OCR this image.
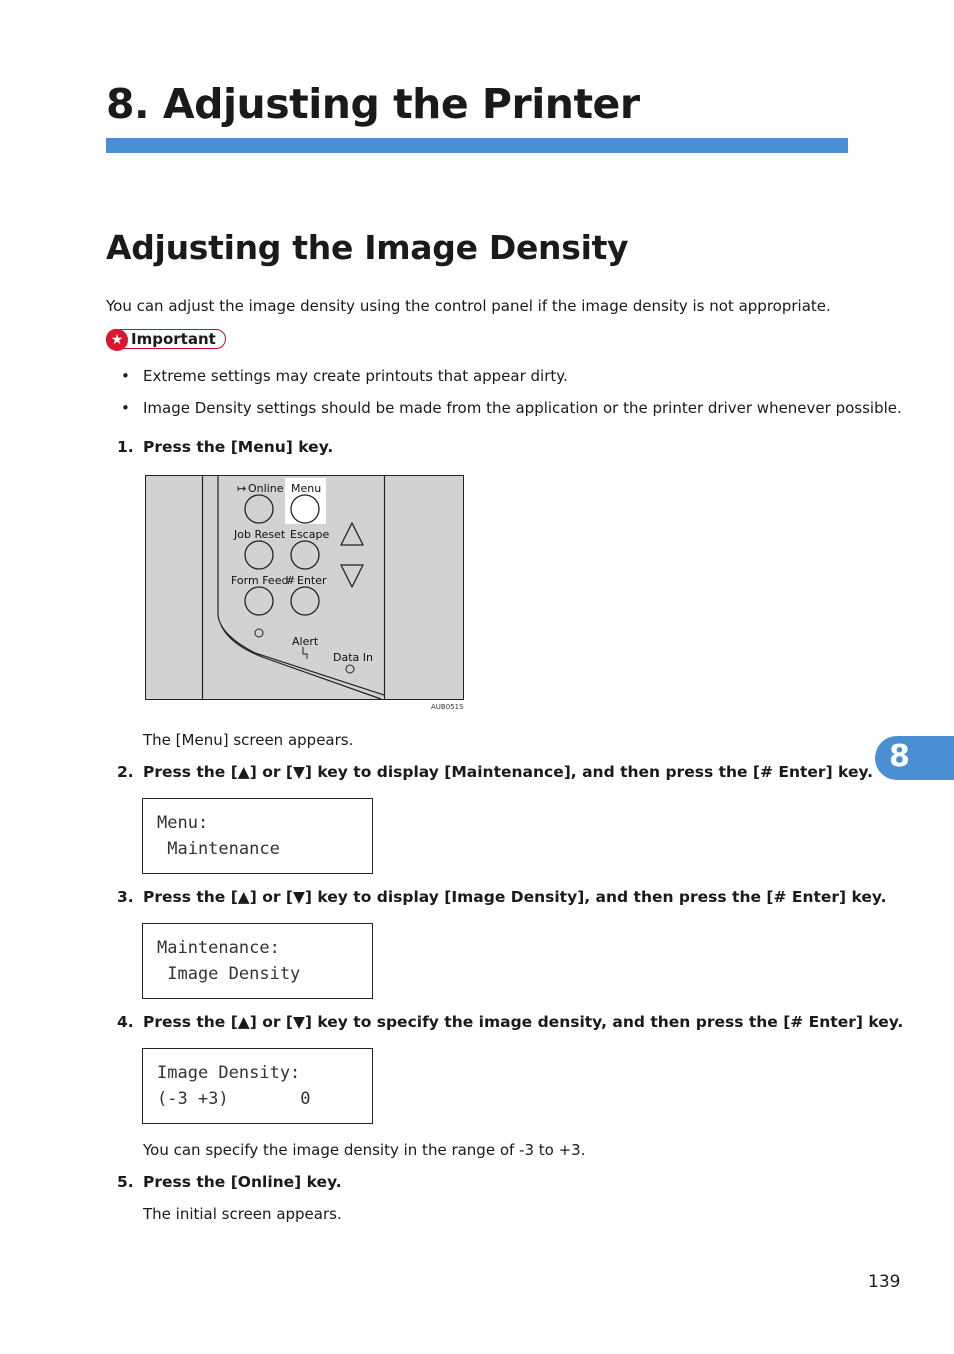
8. Adjusting the Printer
Adjusting the Image Density
You can adjust the image density using the control panel if the image density is not appropriate.
★ Important
• Extreme settings may create printouts that appear dirty.
• Image Density settings should be made from the application or the printer driver whenever possible.
1. Press the [Menu] key.
↦ Online Menu
Job Reset Escape
Form Feed
# Enter
Alert
Data In
AUB051S
The [Menu] screen appears.
2. Press the [▲] or [▼] key to display [Maintenance], and then press the [# Enter] key.
Menu:
Maintenance
3. Press the [▲] or [▼] key to display [Image Density], and then press the [# Enter] key.
Maintenance:
Image Density
4. Press the [▲] or [▼] key to specify the image density, and then press the [# Enter] key.
Image Density:
(-3 +3)       0
You can specify the image density in the range of -3 to +3.
5. Press the [Online] key.
The initial screen appears.
8
139
